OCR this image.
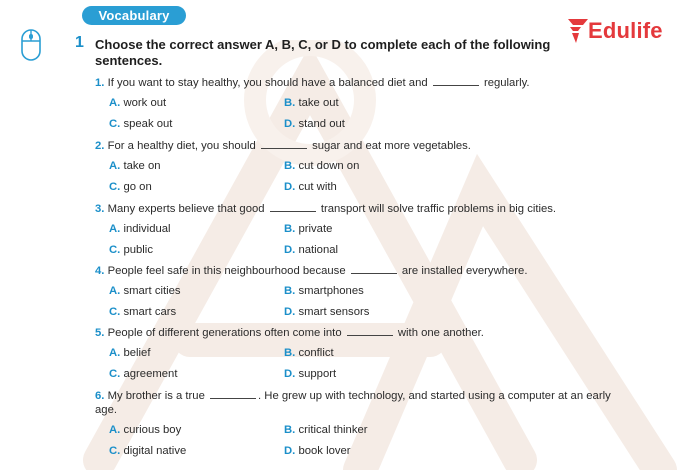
Vocabulary
1 Choose the correct answer A, B, C, or D to complete each of the following sentences.
Edulife
1. If you want to stay healthy, you should have a balanced diet and	regularly.
A. work out	B. take out
C. speak out	D. stand out
2. For a healthy diet, you should	sugar and eat more vegetables.
A. take on	B. cut down on
C. go on	D. cut with
3. Many experts believe that good	transport will solve traffic problems in big cities.
A. individual	B. private
C. public	D. national
4. People feel safe in this neighbourhood because	are installed everywhere.
A. smart cities	B. smartphones
C. smart cars	D. smart sensors
5. People of different generations often come into	with one another.
A. belief	B. conflict
C. agreement	D. support
6. My brother is a true	. He grew up with technology, and started using a computer at an early age.
A. curious boy	B. critical thinker
C. digital native	D. book lover
